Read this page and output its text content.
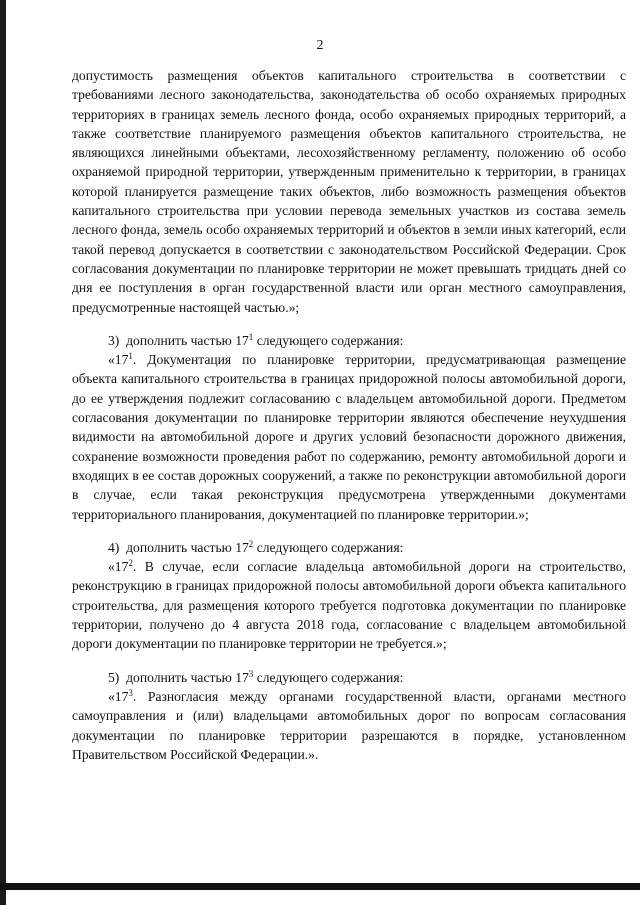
2

допустимость размещения объектов капитального строительства в соответствии с требованиями лесного законодательства, законодательства об особо охраняемых природных территориях в границах земель лесного фонда, особо охраняемых природных территорий, а также соответствие планируемого размещения объектов капитального строительства, не являющихся линейными объектами, лесохозяйственному регламенту, положению об особо охраняемой природной территории, утвержденным применительно к территории, в границах которой планируется размещение таких объектов, либо возможность размещения объектов капитального строительства при условии перевода земельных участков из состава земель лесного фонда, земель особо охраняемых территорий и объектов в земли иных категорий, если такой перевод допускается в соответствии с законодательством Российской Федерации. Срок согласования документации по планировке территории не может превышать тридцать дней со дня ее поступления в орган государственной власти или орган местного самоуправления, предусмотренные настоящей частью.»;

3)  дополнить частью $17^1$ следующего содержания:

«$17^1$. Документация по планировке территории, предусматривающая размещение объекта капитального строительства в границах придорожной полосы автомобильной дороги, до ее утверждения подлежит согласованию с владельцем автомобильной дороги. Предметом согласования документации по планировке территории являются обеспечение неухудшения видимости на автомобильной дороге и других условий безопасности дорожного движения, сохранение возможности проведения работ по содержанию, ремонту автомобильной дороги и входящих в ее состав дорожных сооружений, а также по реконструкции автомобильной дороги в случае, если такая реконструкция предусмотрена утвержденными документами территориального планирования, документацией по планировке территории.»;

4)  дополнить частью $17^2$ следующего содержания:

«$17^2$. В случае, если согласие владельца автомобильной дороги на строительство, реконструкцию в границах придорожной полосы автомобильной дороги объекта капитального строительства, для размещения которого требуется подготовка документации по планировке территории, получено до 4 августа 2018 года, согласование с владельцем автомобильной дороги документации по планировке территории не требуется.»;

5)  дополнить частью $17^3$ следующего содержания:

«$17^3$. Разногласия между органами государственной власти, органами местного самоуправления и (или) владельцами автомобильных дорог по вопросам согласования документации по планировке территории разрешаются в порядке, установленном Правительством Российской Федерации.».
